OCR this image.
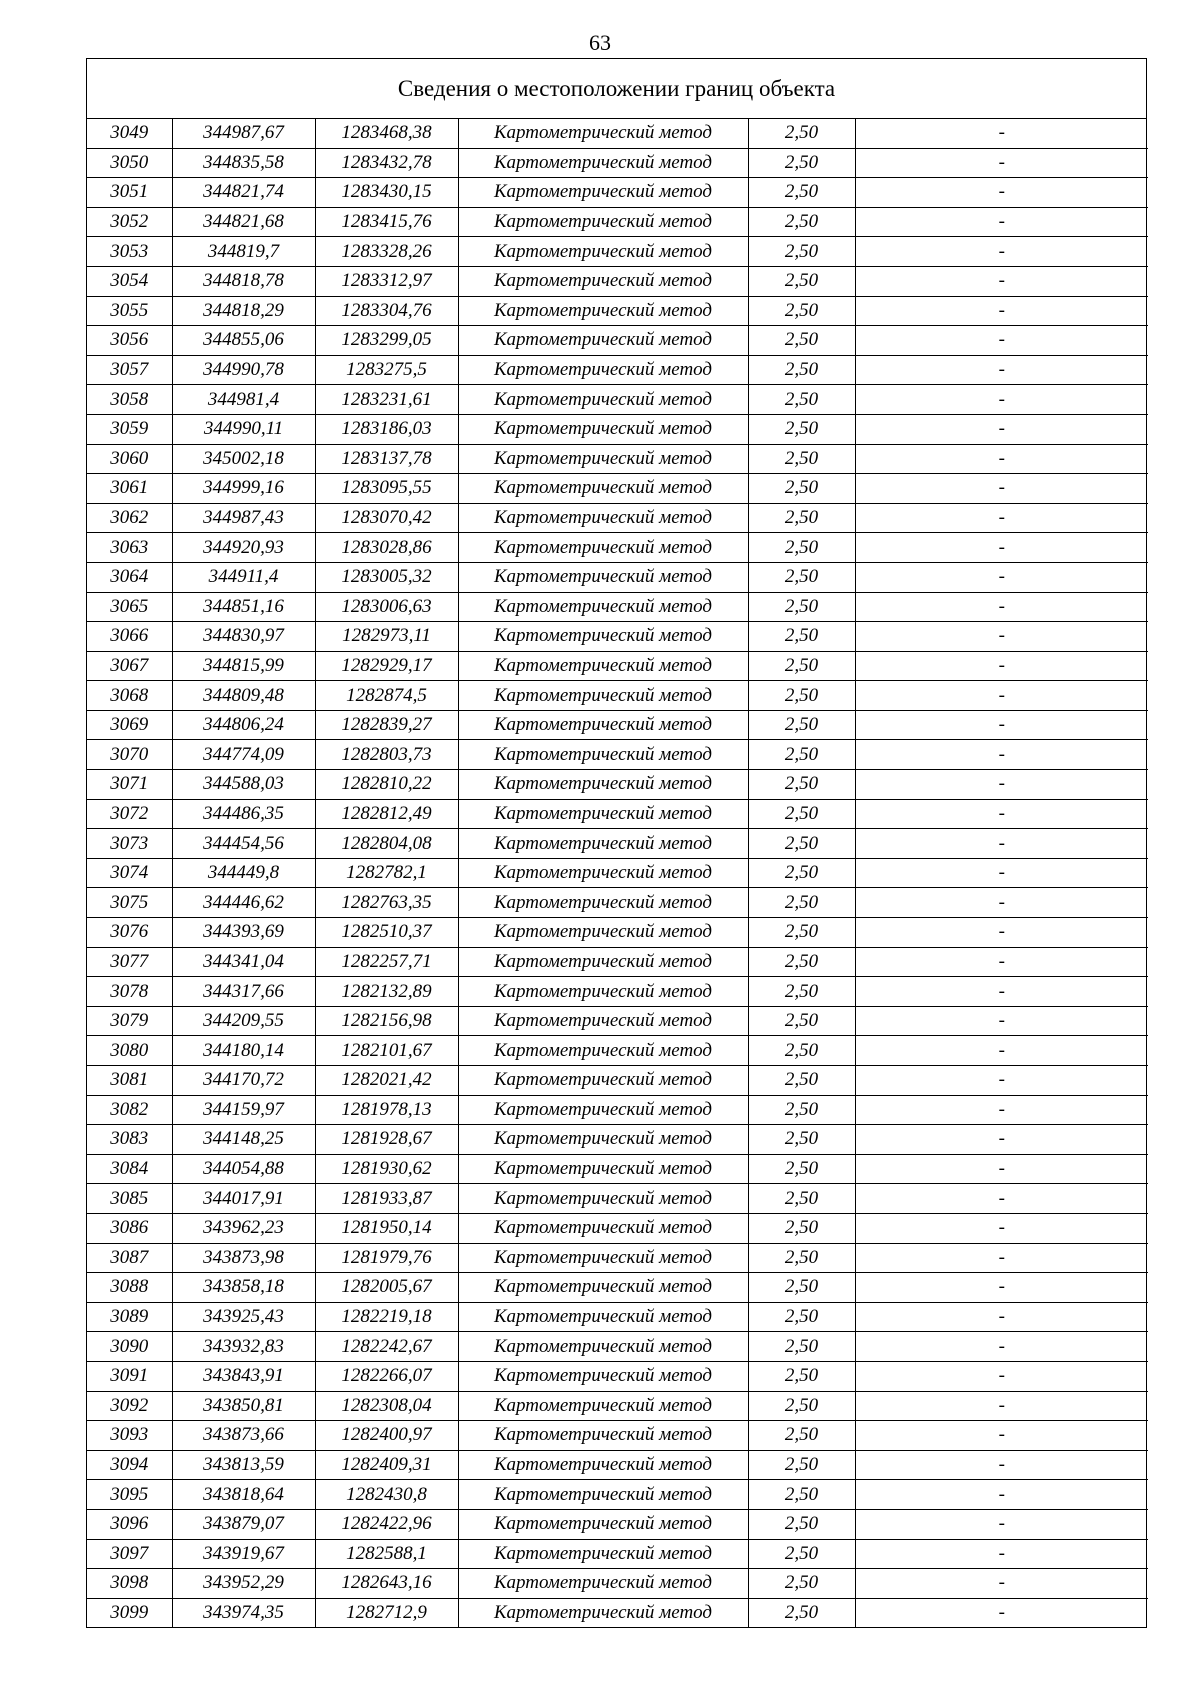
63
Сведения о местоположении границ объекта
3049	344987,67	1283468,38	Картометрический метод	2,50	-
3050	344835,58	1283432,78	Картометрический метод	2,50	-
3051	344821,74	1283430,15	Картометрический метод	2,50	-
3052	344821,68	1283415,76	Картометрический метод	2,50	-
3053	344819,7	1283328,26	Картометрический метод	2,50	-
3054	344818,78	1283312,97	Картометрический метод	2,50	-
3055	344818,29	1283304,76	Картометрический метод	2,50	-
3056	344855,06	1283299,05	Картометрический метод	2,50	-
3057	344990,78	1283275,5	Картометрический метод	2,50	-
3058	344981,4	1283231,61	Картометрический метод	2,50	-
3059	344990,11	1283186,03	Картометрический метод	2,50	-
3060	345002,18	1283137,78	Картометрический метод	2,50	-
3061	344999,16	1283095,55	Картометрический метод	2,50	-
3062	344987,43	1283070,42	Картометрический метод	2,50	-
3063	344920,93	1283028,86	Картометрический метод	2,50	-
3064	344911,4	1283005,32	Картометрический метод	2,50	-
3065	344851,16	1283006,63	Картометрический метод	2,50	-
3066	344830,97	1282973,11	Картометрический метод	2,50	-
3067	344815,99	1282929,17	Картометрический метод	2,50	-
3068	344809,48	1282874,5	Картометрический метод	2,50	-
3069	344806,24	1282839,27	Картометрический метод	2,50	-
3070	344774,09	1282803,73	Картометрический метод	2,50	-
3071	344588,03	1282810,22	Картометрический метод	2,50	-
3072	344486,35	1282812,49	Картометрический метод	2,50	-
3073	344454,56	1282804,08	Картометрический метод	2,50	-
3074	344449,8	1282782,1	Картометрический метод	2,50	-
3075	344446,62	1282763,35	Картометрический метод	2,50	-
3076	344393,69	1282510,37	Картометрический метод	2,50	-
3077	344341,04	1282257,71	Картометрический метод	2,50	-
3078	344317,66	1282132,89	Картометрический метод	2,50	-
3079	344209,55	1282156,98	Картометрический метод	2,50	-
3080	344180,14	1282101,67	Картометрический метод	2,50	-
3081	344170,72	1282021,42	Картометрический метод	2,50	-
3082	344159,97	1281978,13	Картометрический метод	2,50	-
3083	344148,25	1281928,67	Картометрический метод	2,50	-
3084	344054,88	1281930,62	Картометрический метод	2,50	-
3085	344017,91	1281933,87	Картометрический метод	2,50	-
3086	343962,23	1281950,14	Картометрический метод	2,50	-
3087	343873,98	1281979,76	Картометрический метод	2,50	-
3088	343858,18	1282005,67	Картометрический метод	2,50	-
3089	343925,43	1282219,18	Картометрический метод	2,50	-
3090	343932,83	1282242,67	Картометрический метод	2,50	-
3091	343843,91	1282266,07	Картометрический метод	2,50	-
3092	343850,81	1282308,04	Картометрический метод	2,50	-
3093	343873,66	1282400,97	Картометрический метод	2,50	-
3094	343813,59	1282409,31	Картометрический метод	2,50	-
3095	343818,64	1282430,8	Картометрический метод	2,50	-
3096	343879,07	1282422,96	Картометрический метод	2,50	-
3097	343919,67	1282588,1	Картометрический метод	2,50	-
3098	343952,29	1282643,16	Картометрический метод	2,50	-
3099	343974,35	1282712,9	Картометрический метод	2,50	-
